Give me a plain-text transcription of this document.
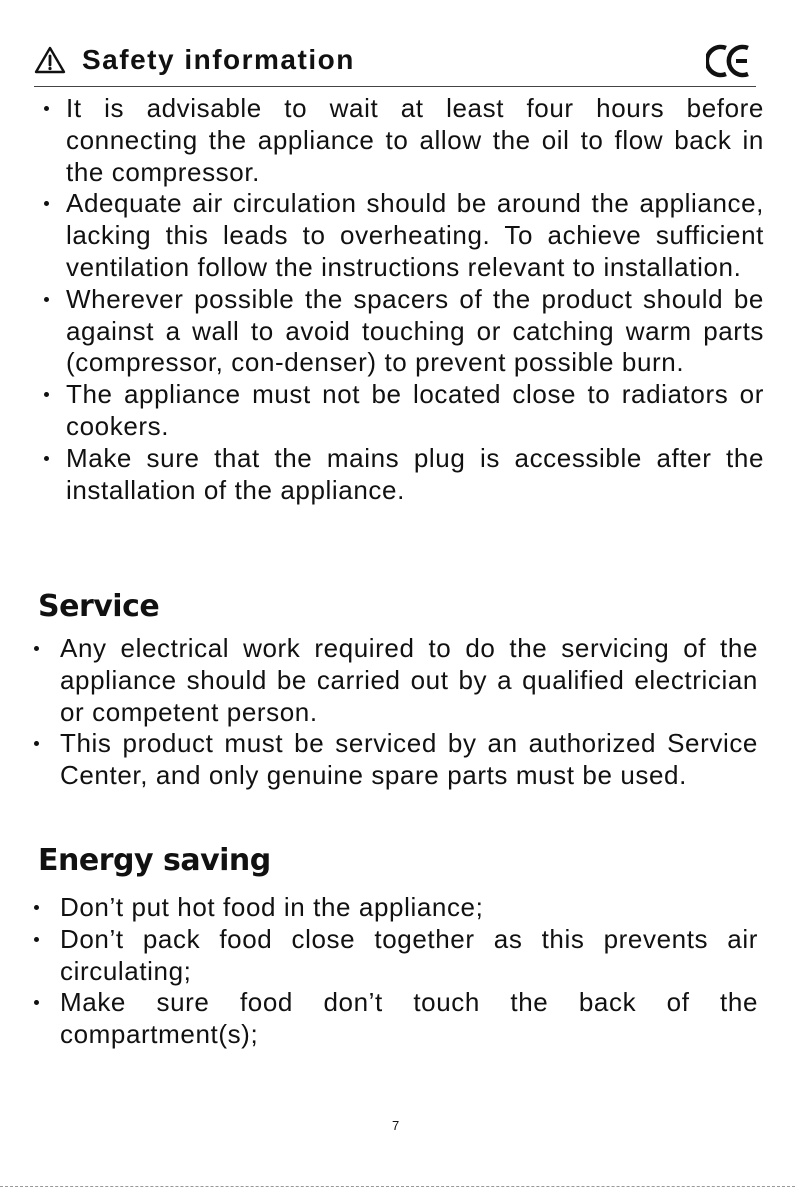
Safety information
It is advisable to wait at least four hours before connecting the appliance to allow the oil to flow back in the compressor.
Adequate air circulation should be around the appliance, lacking this leads to overheating. To achieve sufficient ventilation follow the instructions relevant to installation.
Wherever possible the spacers of the product should be against a wall to avoid touching or catching warm parts (compressor, con-denser) to prevent possible burn.
The appliance must not be located close to radiators or cookers.
Make sure that the mains plug is accessible after the installation of the appliance.
Service
Any electrical work required to do the servicing of the appliance should be carried out by a qualified electrician or competent person.
This product must be serviced by an authorized Service Center, and only genuine spare parts must be used.
Energy saving
Don’t put hot food in the appliance;
Don’t pack food close together as this prevents air circulating;
Make sure food don’t touch the back of the compartment(s);
7
